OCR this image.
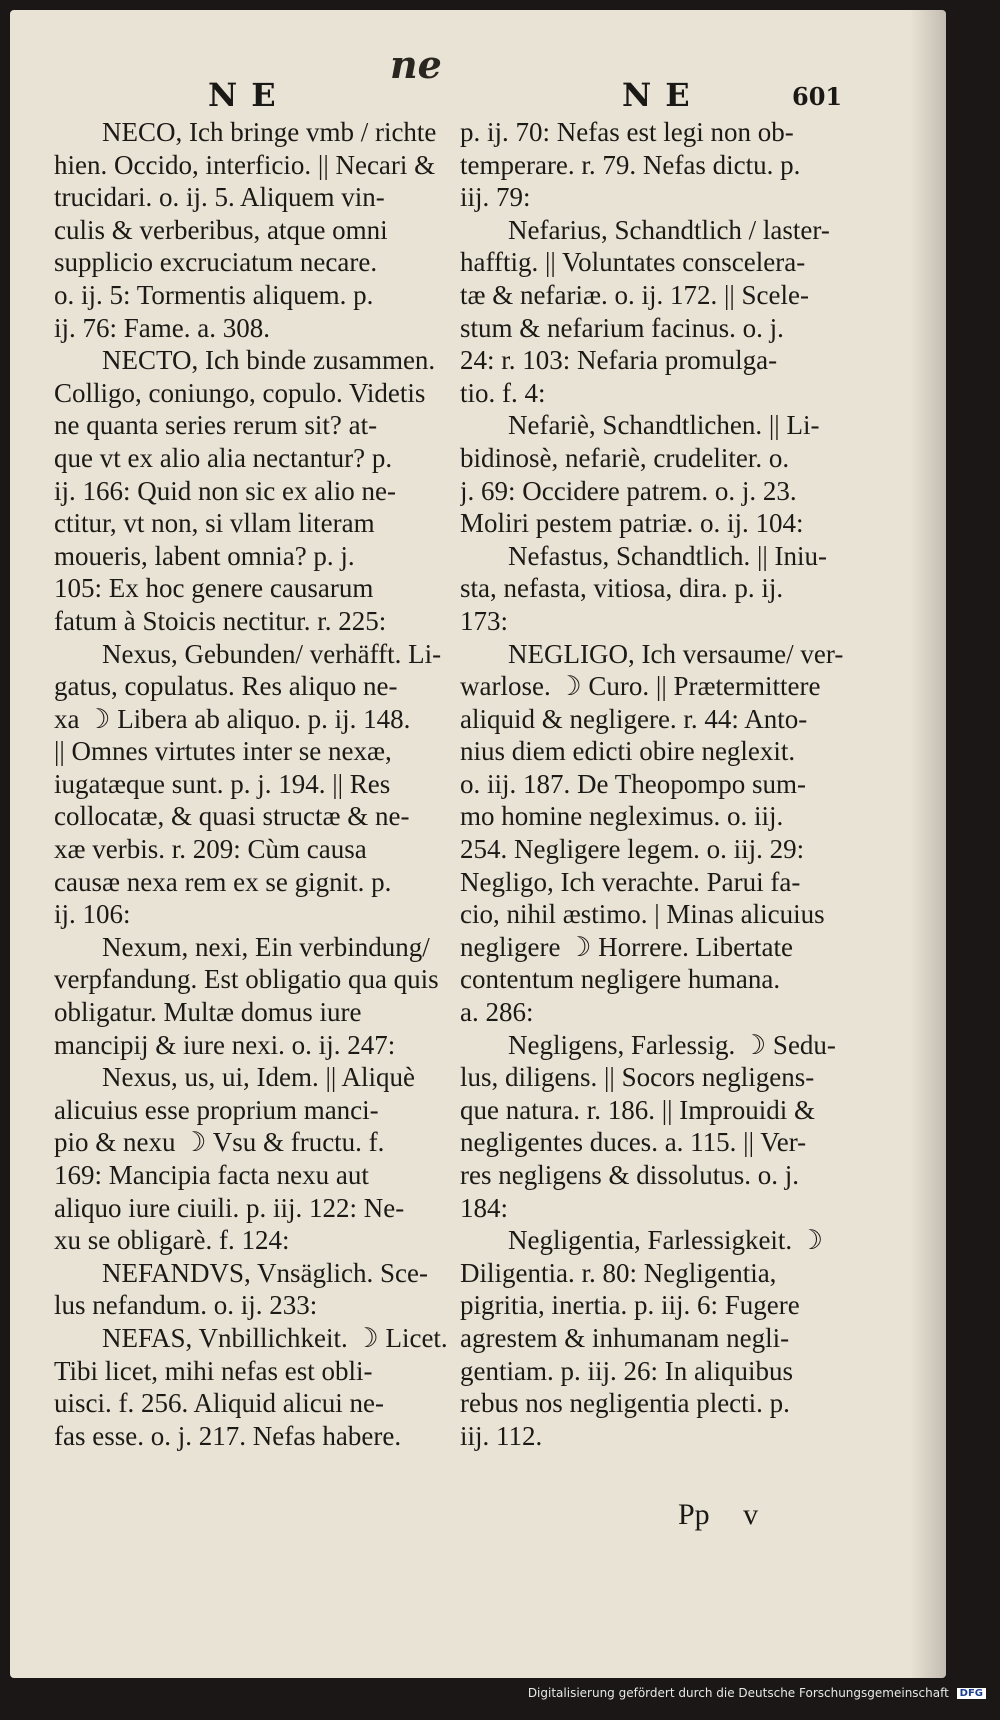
ne
NE	NE	601
NECO, Ich bringe vmb / richte
hien. Occido, interficio. || Necari &
trucidari. o. ij. 5. Aliquem vin-
culis & verberibus, atque omni
supplicio excruciatum necare.
o. ij. 5: Tormentis aliquem. p.
ij. 76: Fame. a. 308.
NECTO, Ich binde zusammen.
Colligo, coniungo, copulo. Videtis
ne quanta series rerum sit? at-
que vt ex alio alia nectantur? p.
ij. 166: Quid non sic ex alio ne-
ctitur, vt non, si vllam literam
moueris, labent omnia? p. j.
105: Ex hoc genere causarum
fatum à Stoicis nectitur. r. 225:
Nexus, Gebunden/ verhäfft. Li-
gatus, copulatus. Res aliquo ne-
xa ☽ Libera ab aliquo. p. ij. 148.
|| Omnes virtutes inter se nexæ,
iugatæque sunt. p. j. 194. || Res
collocatæ, & quasi structæ & ne-
xæ verbis. r. 209: Cùm causa
causæ nexa rem ex se gignit. p.
ij. 106:
Nexum, nexi, Ein verbindung/
verpfandung. Est obligatio qua quis
obligatur. Multæ domus iure
mancipij & iure nexi. o. ij. 247:
Nexus, us, ui, Idem. || Aliquè
alicuius esse proprium manci-
pio & nexu ☽ Vsu & fructu. f.
169: Mancipia facta nexu aut
aliquo iure ciuili. p. iij. 122: Ne-
xu se obligarè. f. 124:
NEFANDVS, Vnsäglich. Sce-
lus nefandum. o. ij. 233:
NEFAS, Vnbillichkeit. ☽ Licet.
Tibi licet, mihi nefas est obli-
uisci. f. 256. Aliquid alicui ne-
fas esse. o. j. 217. Nefas habere.
p. ij. 70: Nefas est legi non ob-
temperare. r. 79. Nefas dictu. p.
iij. 79:
Nefarius, Schandtlich / laster-
hafftig. || Voluntates conscelera-
tæ & nefariæ. o. ij. 172. || Scele-
stum & nefarium facinus. o. j.
24: r. 103: Nefaria promulga-
tio. f. 4:
Nefariè, Schandtlichen. || Li-
bidinosè, nefariè, crudeliter. o.
j. 69: Occidere patrem. o. j. 23.
Moliri pestem patriæ. o. ij. 104:
Nefastus, Schandtlich. || Iniu-
sta, nefasta, vitiosa, dira. p. ij.
173:
NEGLIGO, Ich versaume/ ver-
warlose. ☽ Curo. || Prætermittere
aliquid & negligere. r. 44: Anto-
nius diem edicti obire neglexit.
o. iij. 187. De Theopompo sum-
mo homine negleximus. o. iij.
254. Negligere legem. o. iij. 29:
Negligo, Ich verachte. Parui fa-
cio, nihil æstimo. | Minas alicuius
negligere ☽ Horrere. Libertate
contentum negligere humana.
a. 286:
Negligens, Farlessig. ☽ Sedu-
lus, diligens. || Socors negligens-
que natura. r. 186. || Improuidi &
negligentes duces. a. 115. || Ver-
res negligens & dissolutus. o. j.
184:
Negligentia, Farlessigkeit. ☽
Diligentia. r. 80: Negligentia,
pigritia, inertia. p. iij. 6: Fugere
agrestem & inhumanam negli-
gentiam. p. iij. 26: In aliquibus
rebus nos negligentia plecti. p.
iij. 112.
Pp v
Digitalisierung gefördert durch die Deutsche Forschungsgemeinschaft DFG
